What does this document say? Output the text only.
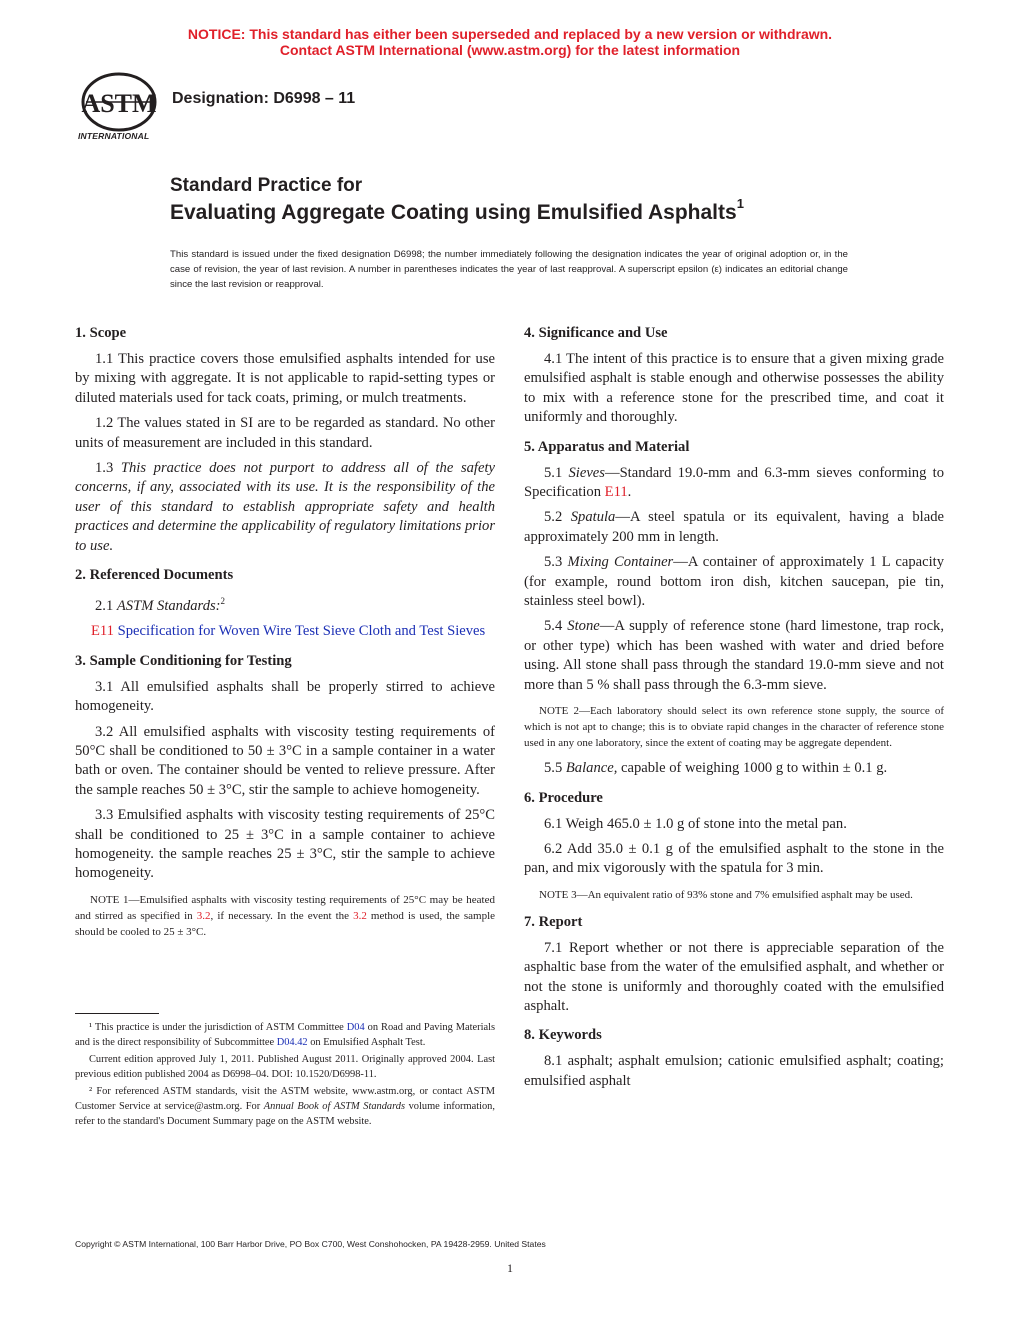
NOTICE: This standard has either been superseded and replaced by a new version or withdrawn.
Contact ASTM International (www.astm.org) for the latest information
ASTM
INTERNATIONAL
Designation: D6998 – 11
Standard Practice for
Evaluating Aggregate Coating using Emulsified Asphalts$^1$
This standard is issued under the fixed designation D6998; the number immediately following the designation indicates the year of original adoption or, in the case of revision, the year of last revision. A number in parentheses indicates the year of last reapproval. A superscript epsilon (ε) indicates an editorial change since the last revision or reapproval.
1. Scope

1.1 This practice covers those emulsified asphalts intended for use by mixing with aggregate. It is not applicable to rapid-setting types or diluted materials used for tack coats, priming, or mulch treatments.

1.2 The values stated in SI are to be regarded as standard. No other units of measurement are included in this standard.

1.3 This practice does not purport to address all of the safety concerns, if any, associated with its use. It is the responsibility of the user of this standard to establish appropriate safety and health practices and determine the applicability of regulatory limitations prior to use.

2. Referenced Documents

2.1 ASTM Standards:$^2$

E11 Specification for Woven Wire Test Sieve Cloth and Test Sieves
3. Sample Conditioning for Testing

3.1 All emulsified asphalts shall be properly stirred to achieve homogeneity.

3.2 All emulsified asphalts with viscosity testing requirements of 50°C shall be conditioned to 50 ± 3°C in a sample container in a water bath or oven. The container should be vented to relieve pressure. After the sample reaches 50 ± 3°C, stir the sample to achieve homogeneity.

3.3 Emulsified asphalts with viscosity testing requirements of 25°C shall be conditioned to 25 ± 3°C in a sample container to achieve homogeneity. the sample reaches 25 ± 3°C, stir the sample to achieve homogeneity.

NOTE 1—Emulsified asphalts with viscosity testing requirements of 25°C may be heated and stirred as specified in 3.2, if necessary. In the event the 3.2 method is used, the sample should be cooled to 25 ± 3°C.

¹ This practice is under the jurisdiction of ASTM Committee D04 on Road and Paving Materials and is the direct responsibility of Subcommittee D04.42 on Emulsified Asphalt Test.

Current edition approved July 1, 2011. Published August 2011. Originally approved 2004. Last previous edition published 2004 as D6998–04. DOI: 10.1520/D6998-11.

² For referenced ASTM standards, visit the ASTM website, www.astm.org, or contact ASTM Customer Service at service@astm.org. For Annual Book of ASTM Standards volume information, refer to the standard's Document Summary page on the ASTM website.

4. Significance and Use

4.1 The intent of this practice is to ensure that a given mixing grade emulsified asphalt is stable enough and otherwise possesses the ability to mix with a reference stone for the prescribed time, and coat it uniformly and thoroughly.

5. Apparatus and Material

5.1 Sieves—Standard 19.0-mm and 6.3-mm sieves conforming to Specification E11.

5.2 Spatula—A steel spatula or its equivalent, having a blade approximately 200 mm in length.

5.3 Mixing Container—A container of approximately 1 L capacity (for example, round bottom iron dish, kitchen saucepan, pie tin, stainless steel bowl).

5.4 Stone—A supply of reference stone (hard limestone, trap rock, or other type) which has been washed with water and dried before using. All stone shall pass through the standard 19.0-mm sieve and not more than 5 % shall pass through the 6.3-mm sieve.

NOTE 2—Each laboratory should select its own reference stone supply, the source of which is not apt to change; this is to obviate rapid changes in the character of reference stone used in any one laboratory, since the extent of coating may be aggregate dependent.

5.5 Balance, capable of weighing 1000 g to within ± 0.1 g.

6. Procedure

6.1 Weigh 465.0 ± 1.0 g of stone into the metal pan.

6.2 Add 35.0 ± 0.1 g of the emulsified asphalt to the stone in the pan, and mix vigorously with the spatula for 3 min.

NOTE 3—An equivalent ratio of 93% stone and 7% emulsified asphalt may be used.
7. Report

7.1 Report whether or not there is appreciable separation of the asphaltic base from the water of the emulsified asphalt, and whether or not the stone is uniformly and thoroughly coated with the emulsified asphalt.

8. Keywords

8.1 asphalt; asphalt emulsion; cationic emulsified asphalt; coating; emulsified asphalt

Copyright © ASTM International, 100 Barr Harbor Drive, PO Box C700, West Conshohocken, PA 19428-2959. United States
1
